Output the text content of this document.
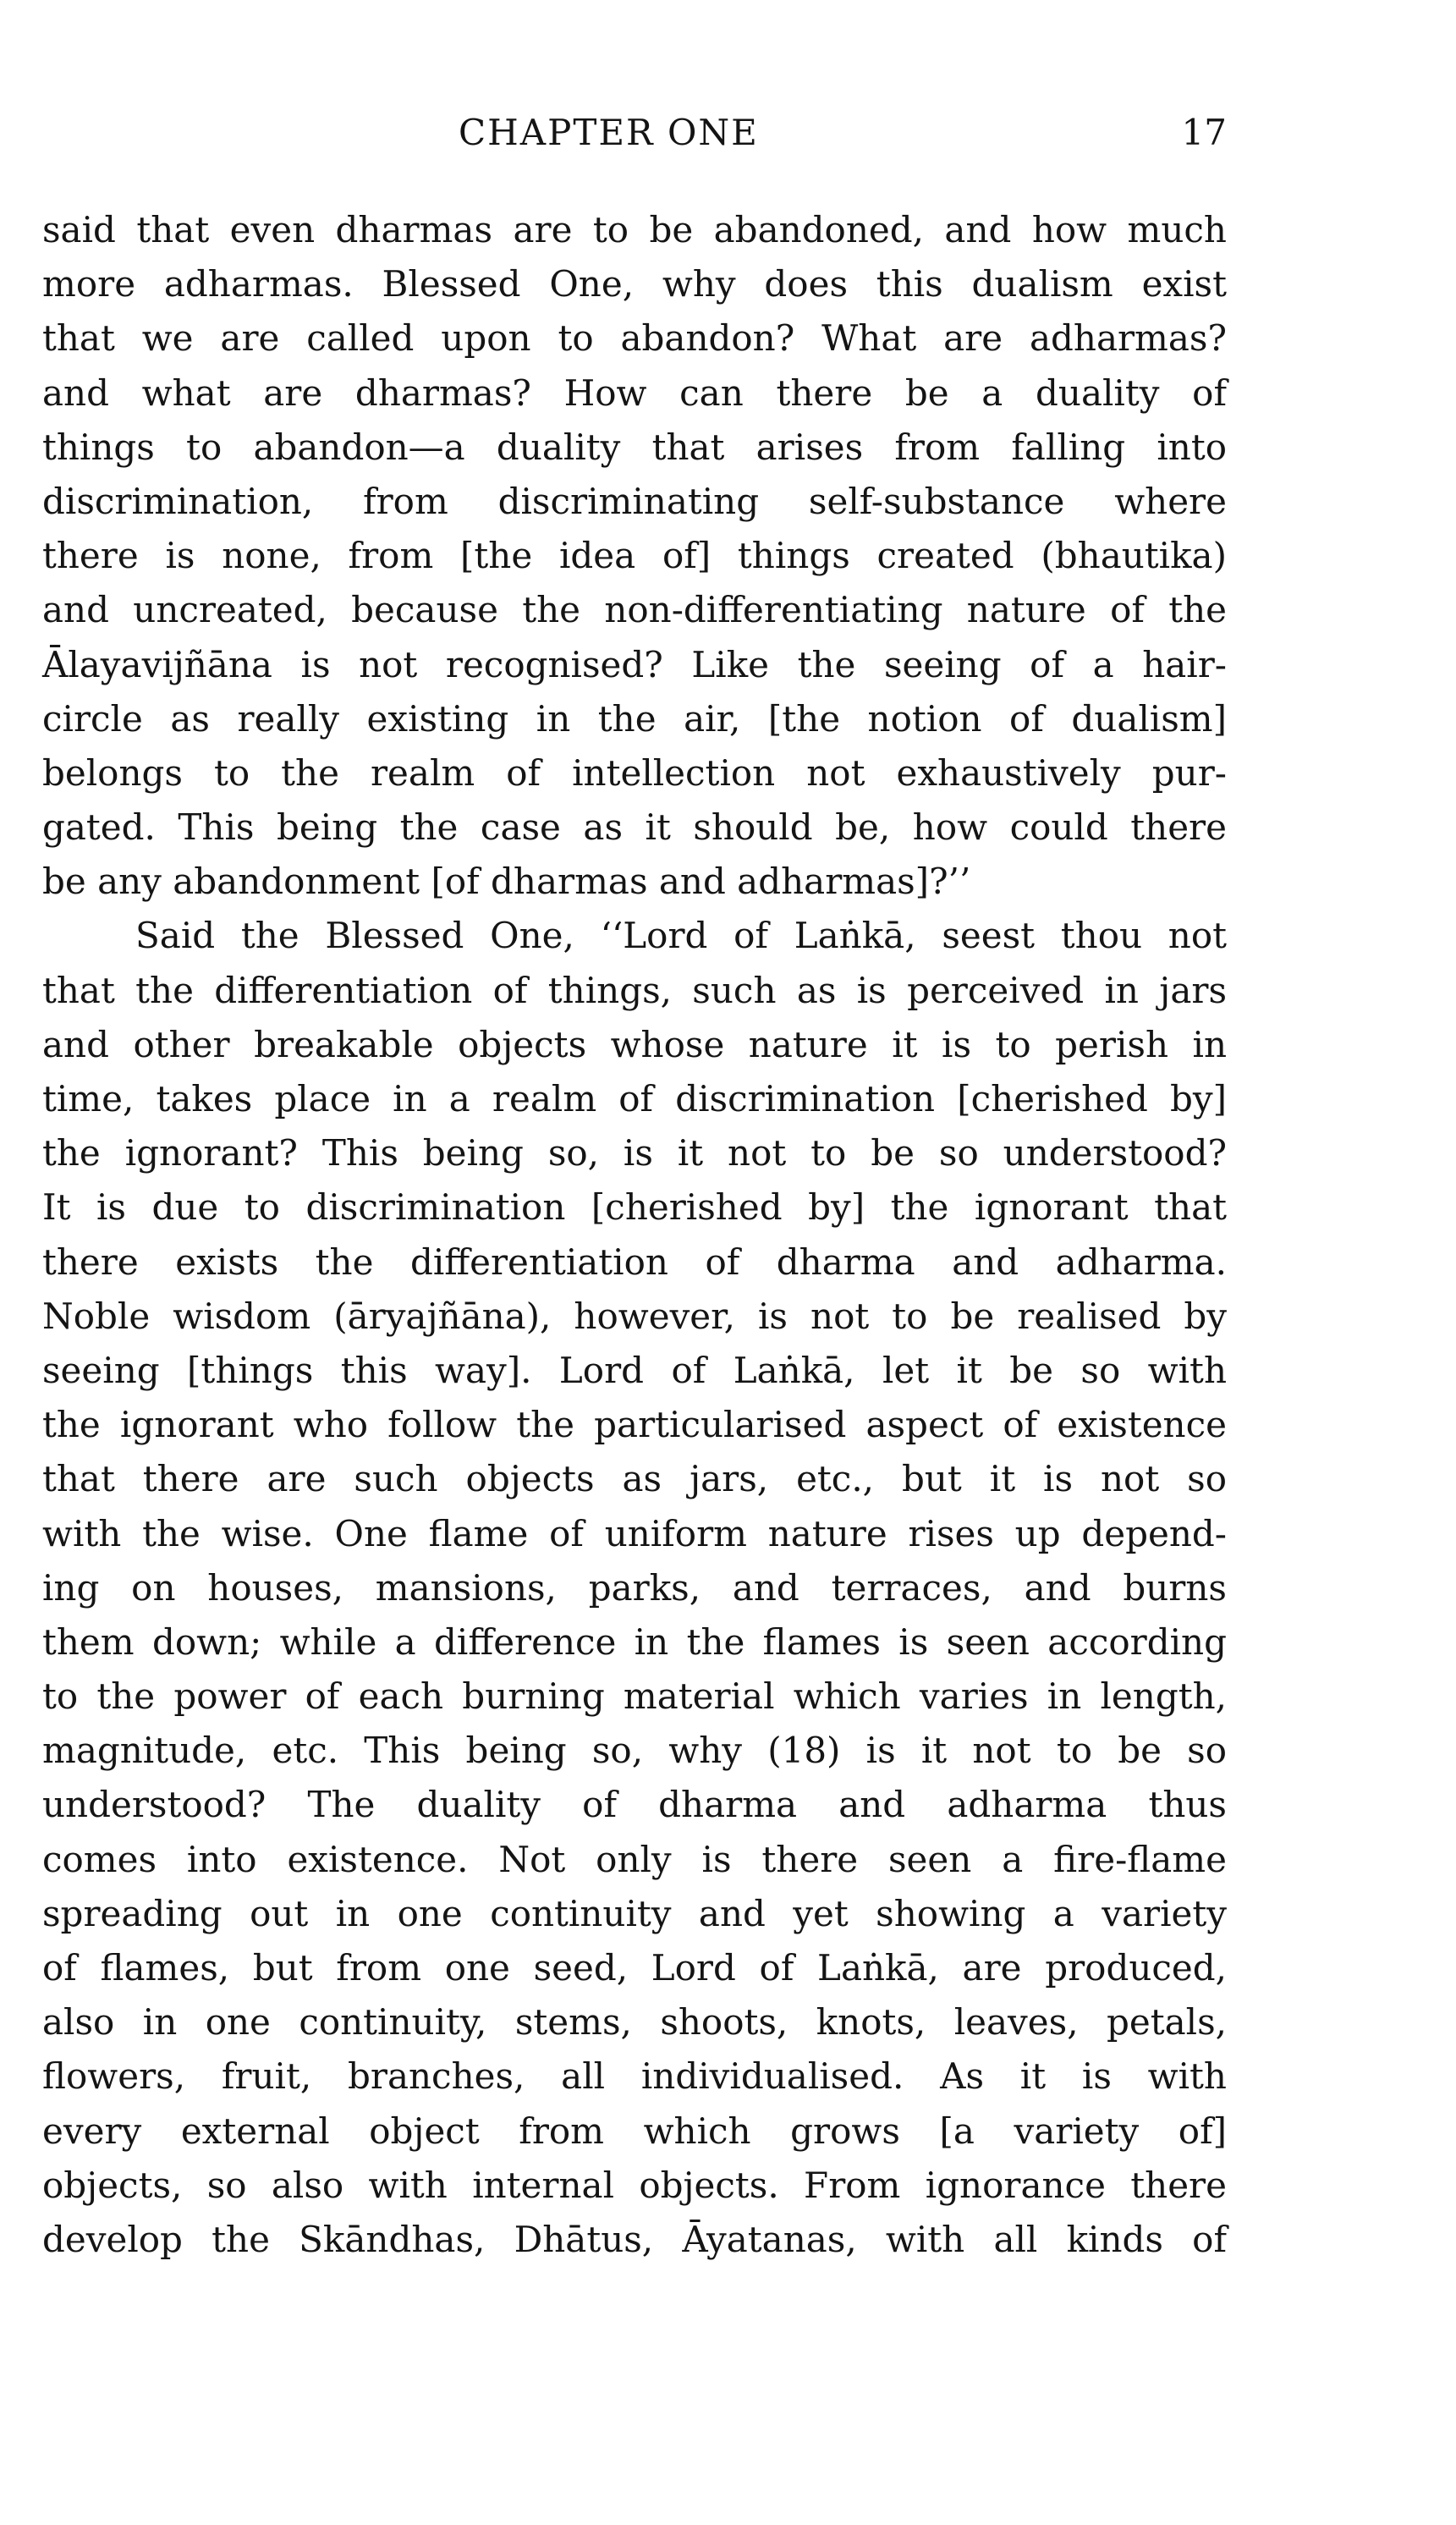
CHAPTER ONE	17
said that even dharmas are to be abandoned, and how much
more adharmas. Blessed One, why does this dualism exist
that we are called upon to abandon? What are adharmas?
and what are dharmas? How can there be a duality of
things to abandon—a duality that arises from falling into
discrimination, from discriminating self-substance where
there is none, from [the idea of] things created (bhautika)
and uncreated, because the non-differentiating nature of the
Ālayavijñāna is not recognised? Like the seeing of a hair-
circle as really existing in the air, [the notion of dualism]
belongs to the realm of intellection not exhaustively pur-
gated. This being the case as it should be, how could there
be any abandonment [of dharmas and adharmas]?’’
Said the Blessed One, ‘‘Lord of Laṅkā, seest thou not
that the differentiation of things, such as is perceived in jars
and other breakable objects whose nature it is to perish in
time, takes place in a realm of discrimination [cherished by]
the ignorant? This being so, is it not to be so understood?
It is due to discrimination [cherished by] the ignorant that
there exists the differentiation of dharma and adharma.
Noble wisdom (āryajñāna), however, is not to be realised by
seeing [things this way]. Lord of Laṅkā, let it be so with
the ignorant who follow the particularised aspect of existence
that there are such objects as jars, etc., but it is not so
with the wise. One flame of uniform nature rises up depend-
ing on houses, mansions, parks, and terraces, and burns
them down; while a difference in the flames is seen according
to the power of each burning material which varies in length,
magnitude, etc. This being so, why (18) is it not to be so
understood? The duality of dharma and adharma thus
comes into existence. Not only is there seen a fire-flame
spreading out in one continuity and yet showing a variety
of flames, but from one seed, Lord of Laṅkā, are produced,
also in one continuity, stems, shoots, knots, leaves, petals,
flowers, fruit, branches, all individualised. As it is with
every external object from which grows [a variety of]
objects, so also with internal objects. From ignorance there
develop the Skāndhas, Dhātus, Āyatanas, with all kinds of
